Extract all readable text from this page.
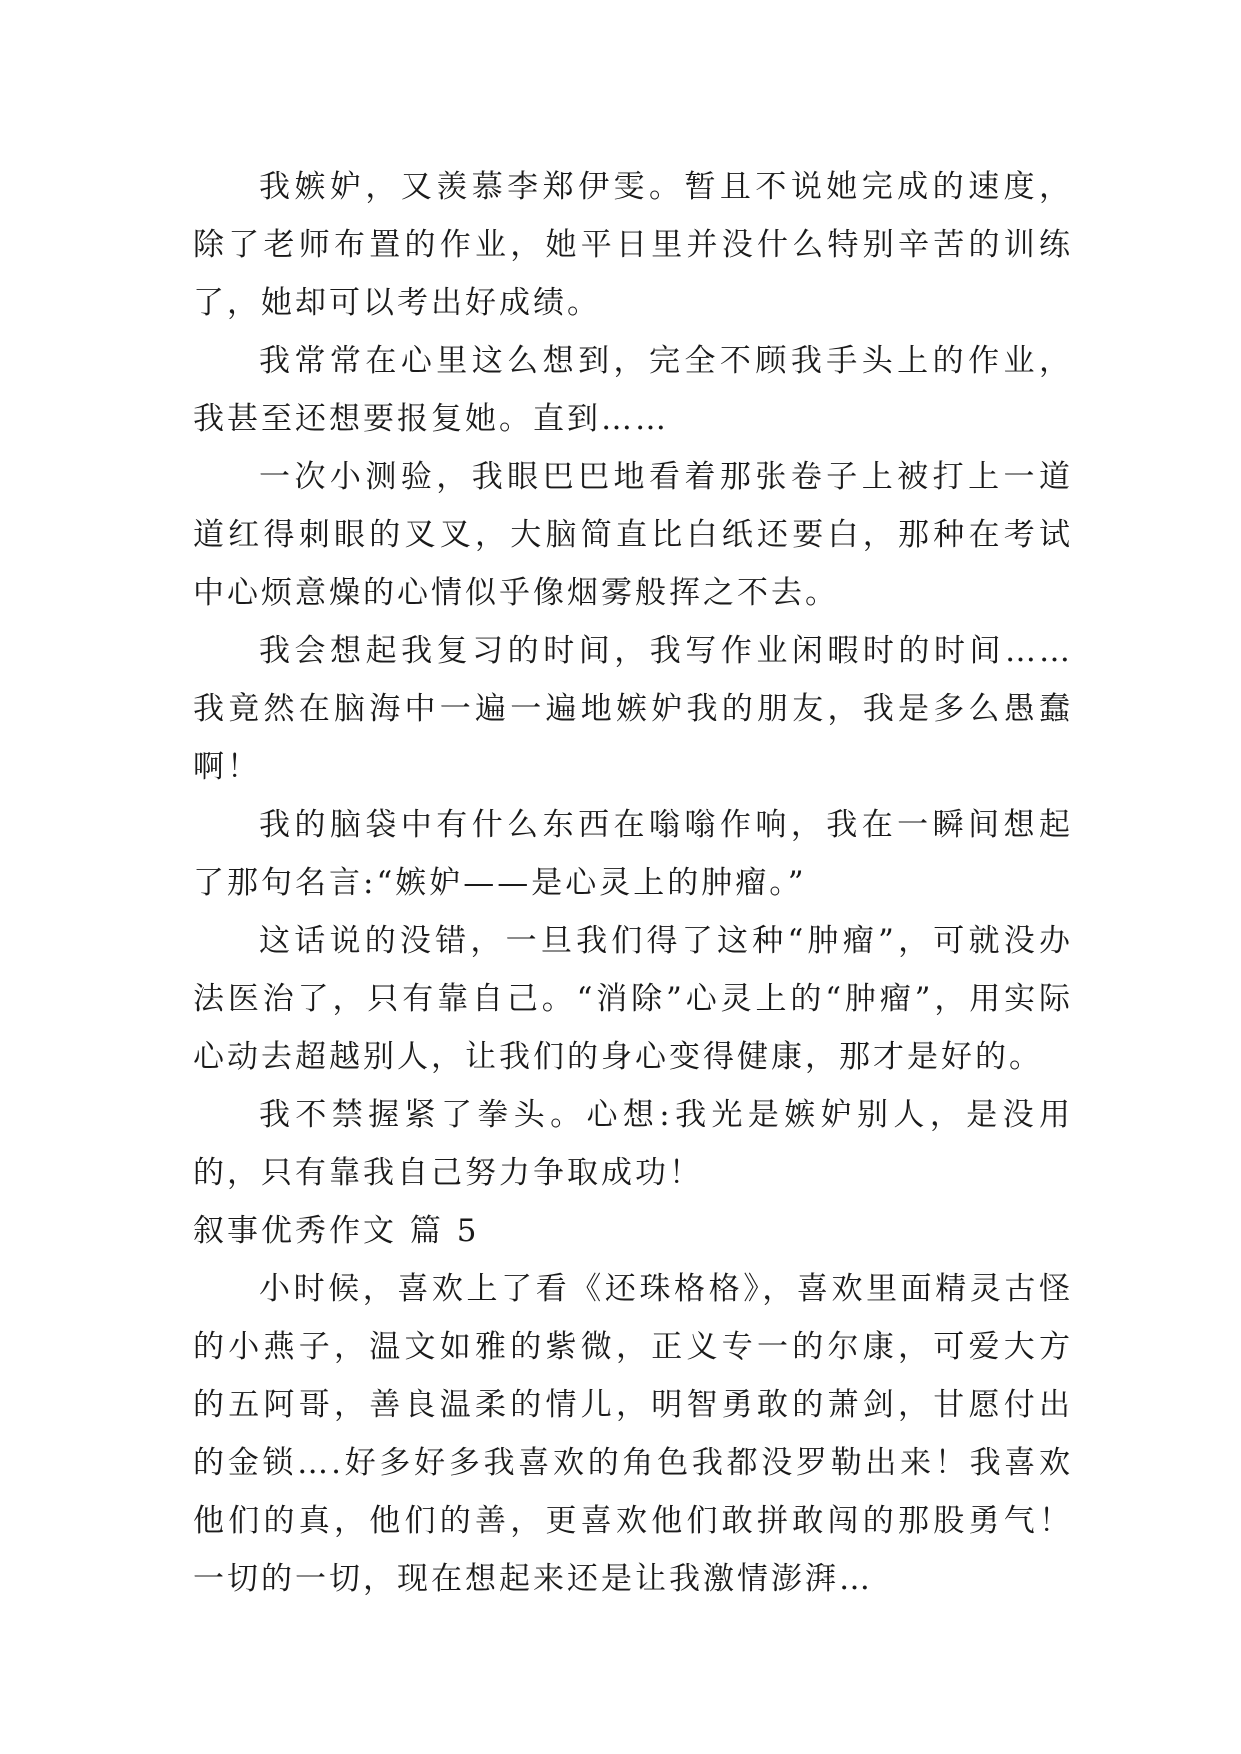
我嫉妒，又羡慕李郑伊雯。暂且不说她完成的速度，除了老师布置的作业，她平日里并没什么特别辛苦的训练了，她却可以考出好成绩。

我常常在心里这么想到，完全不顾我手头上的作业，我甚至还想要报复她。直到……

一次小测验，我眼巴巴地看着那张卷子上被打上一道道红得刺眼的叉叉，大脑简直比白纸还要白，那种在考试中心烦意燥的心情似乎像烟雾般挥之不去。

我会想起我复习的时间，我写作业闲暇时的时间……我竟然在脑海中一遍一遍地嫉妒我的朋友，我是多么愚蠢啊！

我的脑袋中有什么东西在嗡嗡作响，我在一瞬间想起了那句名言:“嫉妒——是心灵上的肿瘤。”

这话说的没错，一旦我们得了这种“肿瘤”，可就没办法医治了，只有靠自己。“消除”心灵上的“肿瘤”，用实际心动去超越别人，让我们的身心变得健康，那才是好的。

我不禁握紧了拳头。心想:我光是嫉妒别人，是没用的，只有靠我自己努力争取成功！

叙事优秀作文 篇 5

小时候，喜欢上了看《还珠格格》，喜欢里面精灵古怪的小燕子，温文如雅的紫微，正义专一的尔康，可爱大方的五阿哥，善良温柔的情儿，明智勇敢的萧剑，甘愿付出的金锁….好多好多我喜欢的角色我都没罗勒出来！我喜欢他们的真，他们的善，更喜欢他们敢拼敢闯的那股勇气！一切的一切，现在想起来还是让我激情澎湃…
